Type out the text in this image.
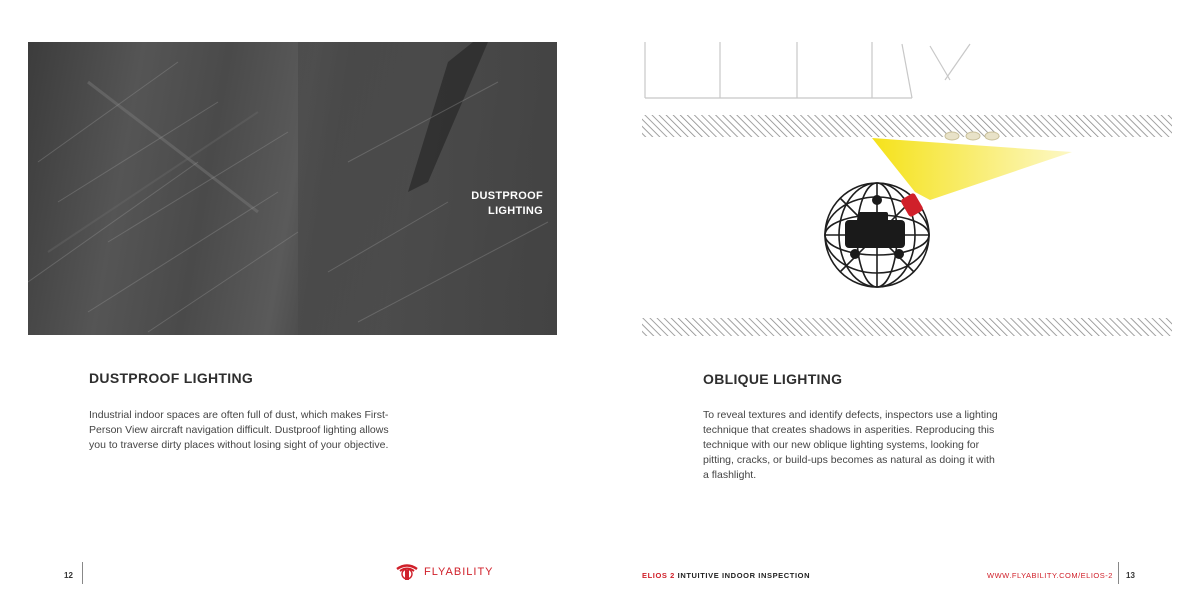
DUSTPROOF
LIGHTING
DUSTPROOF LIGHTING
Industrial indoor spaces are often full of dust, which makes First-
Person View aircraft navigation difficult. Dustproof lighting allows
you to traverse dirty places without losing sight of your objective.
OBLIQUE LIGHTING
To reveal textures and identify defects, inspectors use a lighting
technique that creates shadows in asperities. Reproducing this
technique with our new oblique lighting systems, looking for
pitting, cracks, or build-ups becomes as natural as doing it with
a flashlight.
12	FLYABILITY	ELIOS 2 INTUITIVE INDOOR INSPECTION	WWW.FLYABILITY.COM/ELIOS-2 13
